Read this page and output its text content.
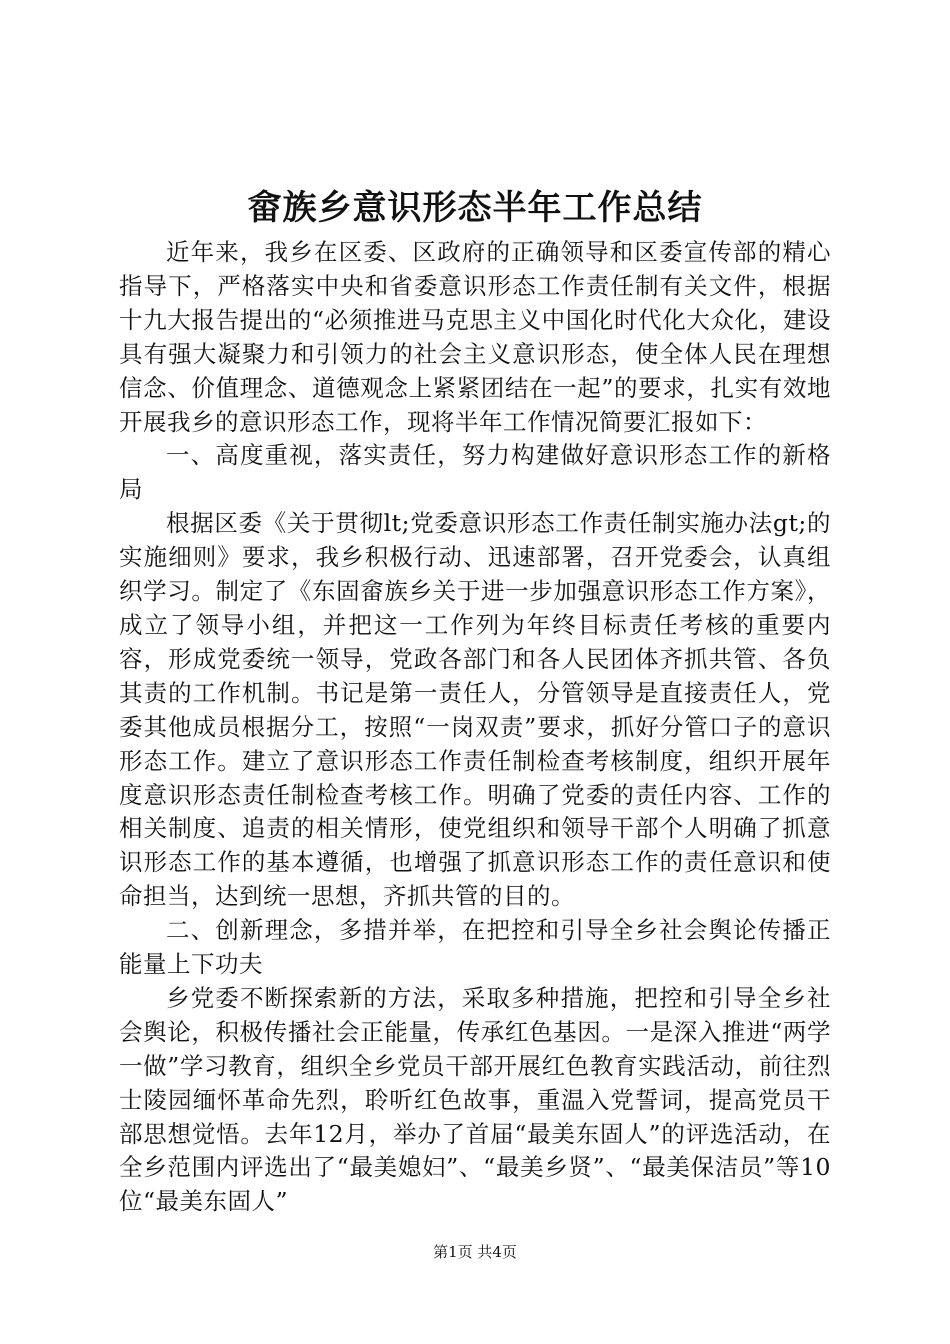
畲族乡意识形态半年工作总结

近年来，我乡在区委、区政府的正确领导和区委宣传部的精心指导下，严格落实中央和省委意识形态工作责任制有关文件，根据十九大报告提出的“必须推进马克思主义中国化时代化大众化，建设具有强大凝聚力和引领力的社会主义意识形态，使全体人民在理想信念、价值理念、道德观念上紧紧团结在一起”的要求，扎实有效地开展我乡的意识形态工作，现将半年工作情况简要汇报如下：

一、高度重视，落实责任，努力构建做好意识形态工作的新格局

根据区委《关于贯彻lt;党委意识形态工作责任制实施办法gt;的实施细则》要求，我乡积极行动、迅速部署，召开党委会，认真组织学习。制定了《东固畲族乡关于进一步加强意识形态工作方案》，成立了领导小组，并把这一工作列为年终目标责任考核的重要内容，形成党委统一领导，党政各部门和各人民团体齐抓共管、各负其责的工作机制。书记是第一责任人，分管领导是直接责任人，党委其他成员根据分工，按照“一岗双责”要求，抓好分管口子的意识形态工作。建立了意识形态工作责任制检查考核制度，组织开展年度意识形态责任制检查考核工作。明确了党委的责任内容、工作的相关制度、追责的相关情形，使党组织和领导干部个人明确了抓意识形态工作的基本遵循，也增强了抓意识形态工作的责任意识和使命担当，达到统一思想，齐抓共管的目的。

二、创新理念，多措并举，在把控和引导全乡社会舆论传播正能量上下功夫

乡党委不断探索新的方法，采取多种措施，把控和引导全乡社会舆论，积极传播社会正能量，传承红色基因。一是深入推进“两学一做”学习教育，组织全乡党员干部开展红色教育实践活动，前往烈士陵园缅怀革命先烈，聆听红色故事，重温入党誓词，提高党员干部思想觉悟。去年12月，举办了首届“最美东固人”的评选活动，在全乡范围内评选出了“最美媳妇”、“最美乡贤”、“最美保洁员”等10位“最美东固人”

第1页 共4页
